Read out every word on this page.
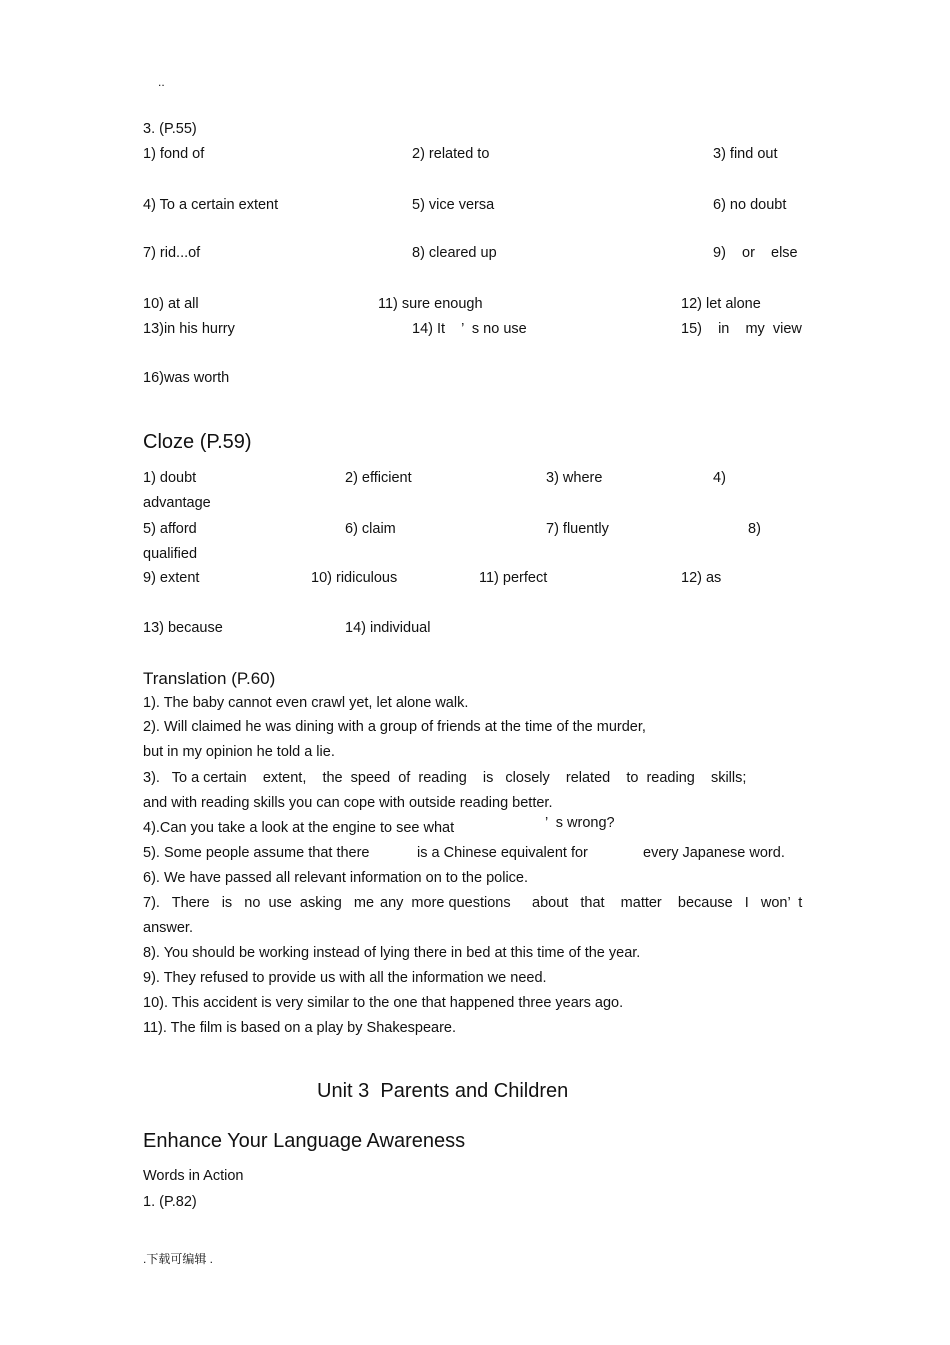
..
3. (P.55)
1) fond of	2) related to	3) find out
4) To a certain extent	5) vice versa	6) no doubt
7) rid...of	8) cleared up	9)    or    else
10) at all	11) sure enough	12) let alone
13)in his hurry	14) It    ’  s no use	15)    in    my  view
16)was worth
Cloze (P.59)
1) doubt	2) efficient	3) where	4)
advantage
5) afford	6) claim	7) fluently	8)
qualified
9) extent	10) ridiculous	11) perfect	12) as
13) because	14) individual
Translation (P.60)
1). The baby cannot even crawl yet, let alone walk.
2). Will claimed he was dining with a group of friends at the time of the murder,
but in my opinion he told a lie.
3).   To a certain    extent,    the  speed  of  reading    is   closely    related    to  reading    skills;
and with reading skills you can cope with outside reading better.
4).Can you take a look at the engine to see what	’  s wrong?
5). Some people assume that there	is a Chinese equivalent for	every Japanese word.
6). We have passed all relevant information on to the police.
7).   There   is   no  use  asking   me any  more questions about   that    matter    because   I   won’  t
answer.
8). You should be working instead of lying there in bed at this time of the year.
9). They refused to provide us with all the information we need.
10). This accident is very similar to the one that happened three years ago.
11). The film is based on a play by Shakespeare.
Unit 3  Parents and Children
Enhance Your Language Awareness
Words in Action
1. (P.82)
.下载可编辑 .
